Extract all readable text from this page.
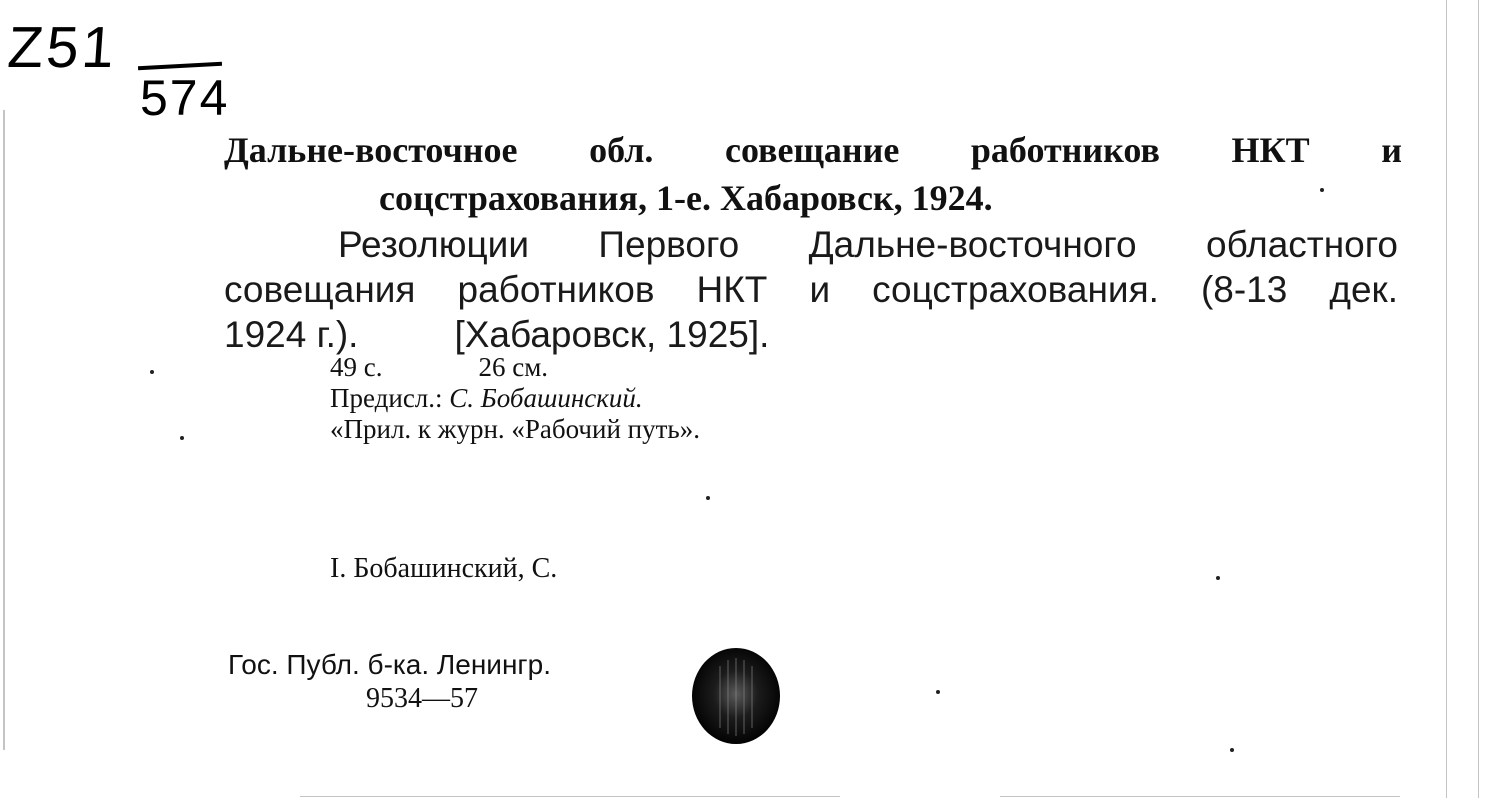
Z51
574
Дальне-восточное обл. совещание работников НКТ и
соцстрахования, 1-е. Хабаровск, 1924.
Резолюции Первого Дальне-восточного областного
совещания работников НКТ и соцстрахования. (8-13 дек.
1924 г.).	[Хабаровск, 1925].
49 с.	26 см.
Предисл.: С. Бобашинский.
«Прил. к журн. «Рабочий путь».
I. Бобашинский, С.
Гос. Публ. б-ка. Ленингр.
9534—57
